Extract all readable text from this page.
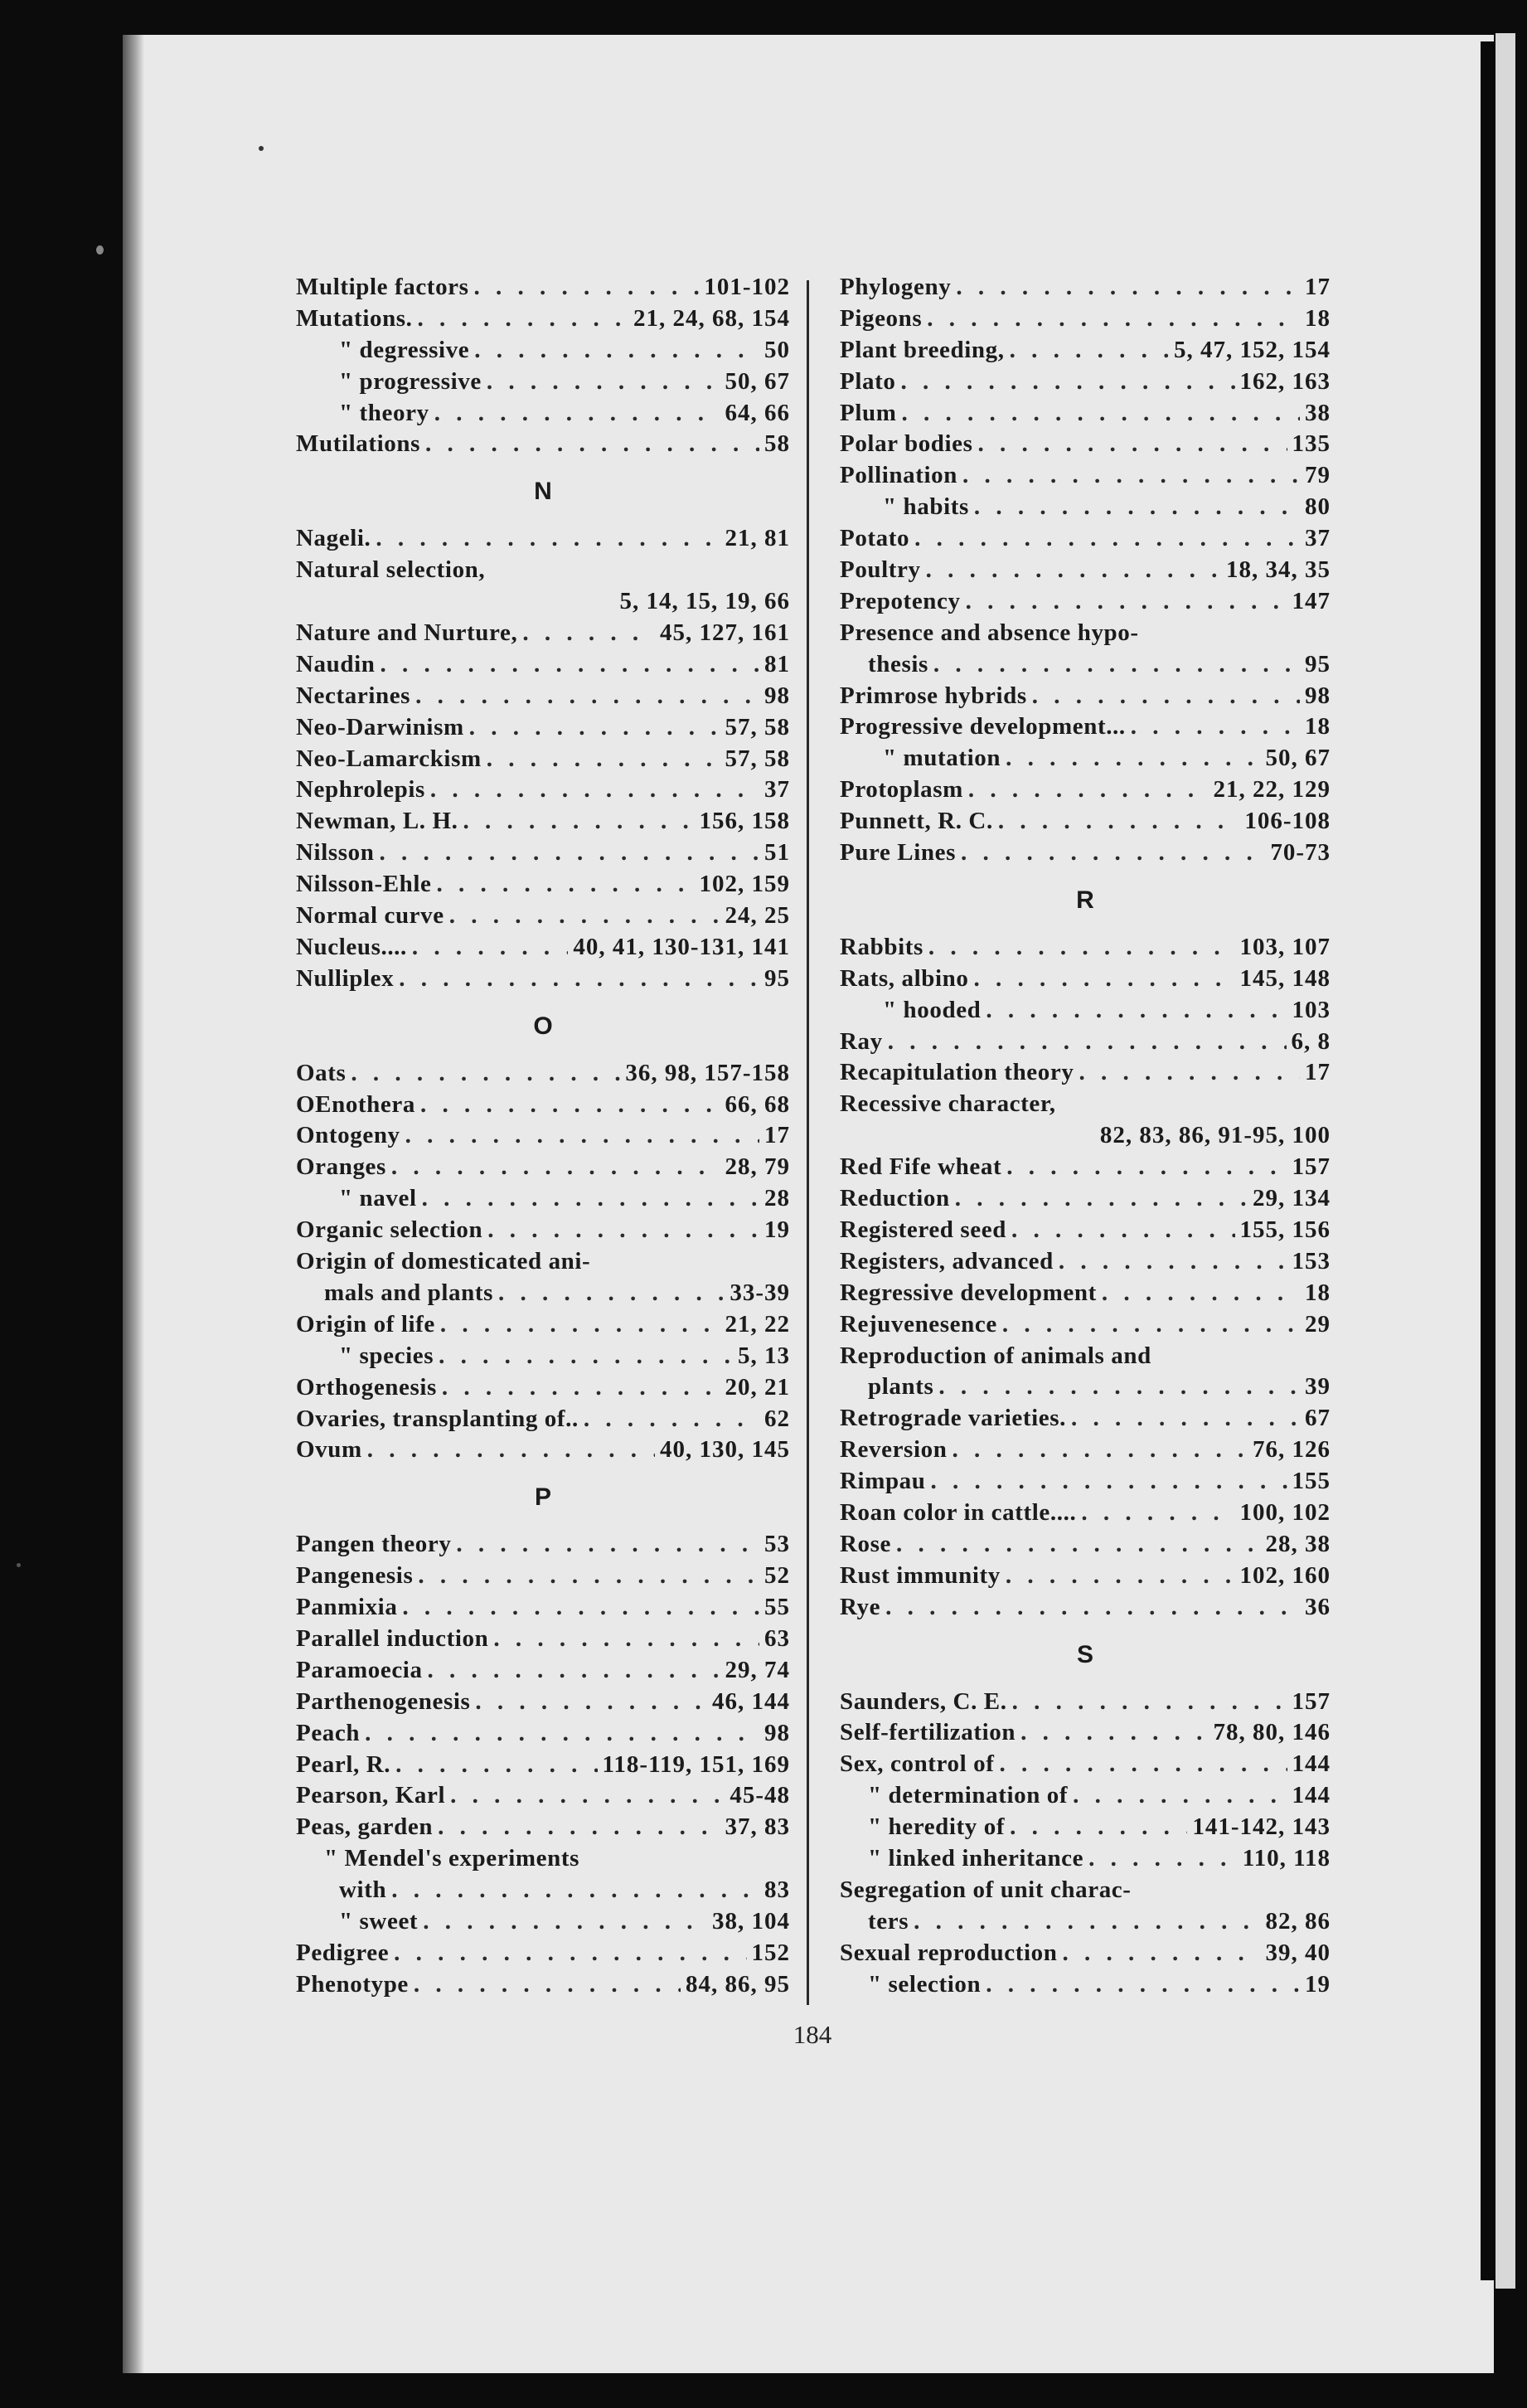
Multiple factors . . .	101-102
Mutations. . . .	21, 24, 68, 154
" degressive . . .	50
" progressive . . .	50, 67
" theory . . .	64, 66
Mutilations . . .	58
N
Nageli. . . .	21, 81
Natural selection,
5, 14, 15, 19, 66
Nature and Nurture, . . .	45, 127, 161
Naudin . . .	81
Nectarines . . .	98
Neo-Darwinism . . .	57, 58
Neo-Lamarckism . . .	57, 58
Nephrolepis . . .	37
Newman, L. H. . . .	156, 158
Nilsson . . .	51
Nilsson-Ehle . . .	102, 159
Normal curve . . .	24, 25
Nucleus.... . . .	40, 41, 130-131, 141
Nulliplex . . .	95
O
Oats . . .	36, 98, 157-158
OEnothera . . .	66, 68
Ontogeny . . .	17
Oranges . . .	28, 79
" navel . . .	28
Organic selection . . .	19
Origin of domesticated ani-
mals and plants . . .	33-39
Origin of life . . .	21, 22
" species . . .	5, 13
Orthogenesis . . .	20, 21
Ovaries, transplanting of.. . . .	62
Ovum . . .	40, 130, 145
P
Pangen theory . . .	53
Pangenesis . . .	52
Panmixia . . .	55
Parallel induction . . .	63
Paramoecia . . .	29, 74
Parthenogenesis . . .	46, 144
Peach . . .	98
Pearl, R. . . .	118-119, 151, 169
Pearson, Karl . . .	45-48
Peas, garden . . .	37, 83
" Mendel's experiments
with . . .	83
" sweet . . .	38, 104
Pedigree . . .	152
Phenotype . . .	84, 86, 95
Phylogeny . . .	17
Pigeons . . .	18
Plant breeding, . . .	5, 47, 152, 154
Plato . . .	162, 163
Plum . . .	38
Polar bodies . . .	135
Pollination . . .	79
" habits . . .	80
Potato . . .	37
Poultry . . .	18, 34, 35
Prepotency . . .	147
Presence and absence hypo-
thesis . . .	95
Primrose hybrids . . .	98
Progressive development... . . .	18
" mutation . . .	50, 67
Protoplasm . . .	21, 22, 129
Punnett, R. C. . . .	106-108
Pure Lines . . .	70-73
R
Rabbits . . .	103, 107
Rats, albino . . .	145, 148
" hooded . . .	103
Ray . . .	6, 8
Recapitulation theory . . .	17
Recessive character,
82, 83, 86, 91-95, 100
Red Fife wheat . . .	157
Reduction . . .	29, 134
Registered seed . . .	155, 156
Registers, advanced . . .	153
Regressive development . . .	18
Rejuvenesence . . .	29
Reproduction of animals and
plants . . .	39
Retrograde varieties. . . .	67
Reversion . . .	76, 126
Rimpau . . .	155
Roan color in cattle.... . . .	100, 102
Rose . . .	28, 38
Rust immunity . . .	102, 160
Rye . . .	36
S
Saunders, C. E. . . .	157
Self-fertilization . . .	78, 80, 146
Sex, control of . . .	144
" determination of . . .	144
" heredity of . . .	141-142, 143
" linked inheritance . . .	110, 118
Segregation of unit charac-
ters . . .	82, 86
Sexual reproduction . . .	39, 40
" selection . . .	19
184
